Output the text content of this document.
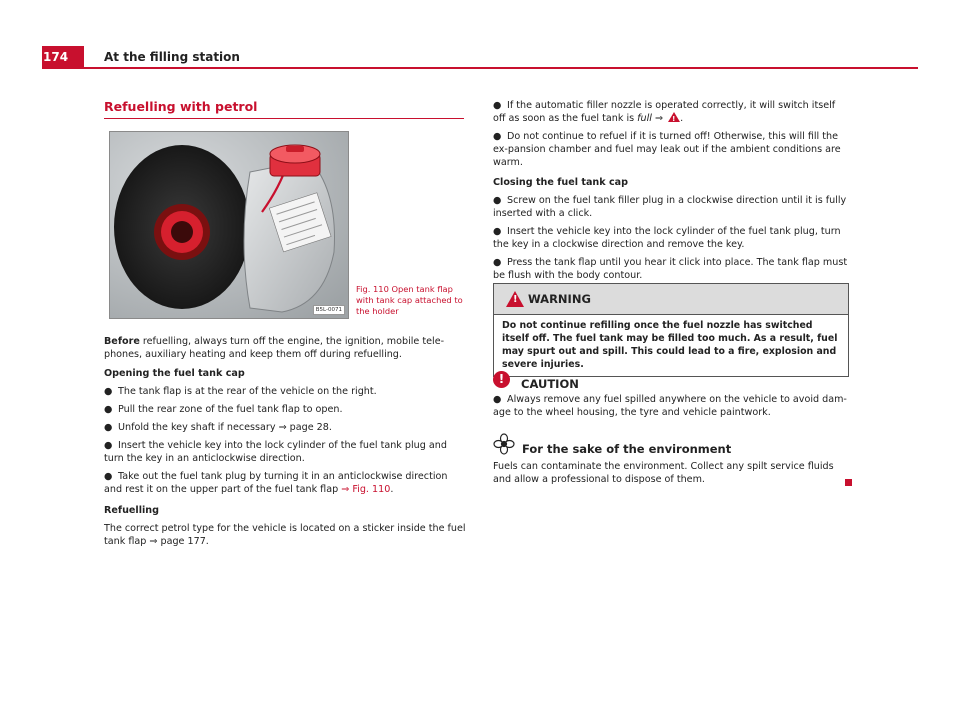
174	At the filling station
Refuelling with petrol
B5L-0071
Fig. 110 Open tank flap with tank cap attached to the holder

Before refuelling, always turn off the engine, the ignition, mobile tele-phones, auxiliary heating and keep them off during refuelling.

Opening the fuel tank cap

● The tank flap is at the rear of the vehicle on the right.
● Pull the rear zone of the fuel tank flap to open.
● Unfold the key shaft if necessary ⇒ page 28.
● Insert the vehicle key into the lock cylinder of the fuel tank plug and turn the key in an anticlockwise direction.
● Take out the fuel tank plug by turning it in an anticlockwise direction and rest it on the upper part of the fuel tank flap ⇒ Fig. 110.

Refuelling

The correct petrol type for the vehicle is located on a sticker inside the fuel tank flap ⇒ page 177.

● If the automatic filler nozzle is operated correctly, it will switch itself off as soon as the fuel tank is full ⇒ !.
● Do not continue to refuel if it is turned off! Otherwise, this will fill the ex-pansion chamber and fuel may leak out if the ambient conditions are warm.

Closing the fuel tank cap

● Screw on the fuel tank filler plug in a clockwise direction until it is fully inserted with a click.
● Insert the vehicle key into the lock cylinder of the fuel tank plug, turn the key in a clockwise direction and remove the key.
● Press the tank flap until you hear it click into place. The tank flap must be flush with the body contour.
!
WARNING
Do not continue refilling once the fuel nozzle has switched itself off. The fuel tank may be filled too much. As a result, fuel may spurt out and spill. This could lead to a fire, explosion and severe injuries.
!	CAUTION
● Always remove any fuel spilled anywhere on the vehicle to avoid dam-age to the wheel housing, the tyre and vehicle paintwork.
For the sake of the environment
Fuels can contaminate the environment. Collect any spilt service fluids and allow a professional to dispose of them.
